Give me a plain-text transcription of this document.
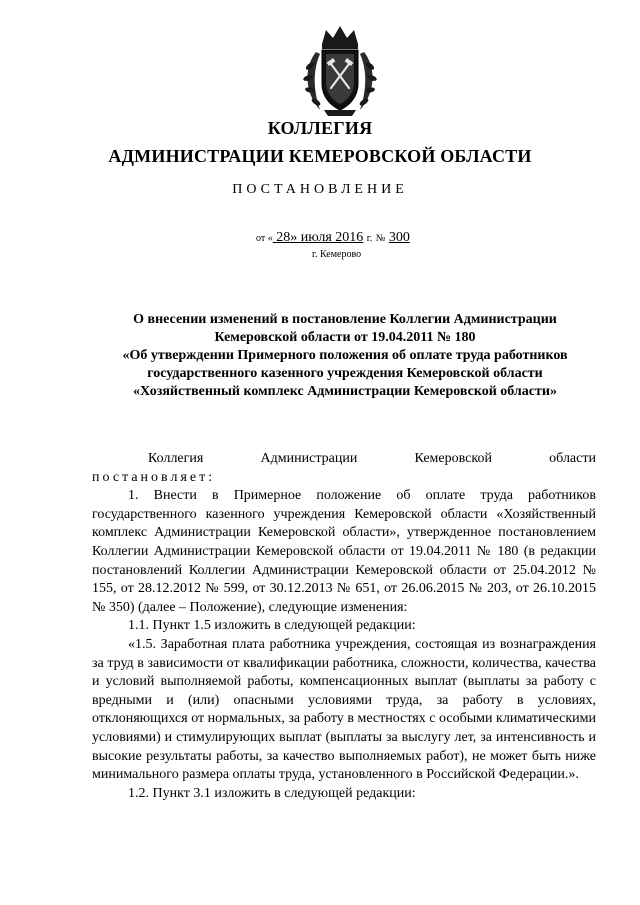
КОЛЛЕГИЯ
АДМИНИСТРАЦИИ КЕМЕРОВСКОЙ ОБЛАСТИ
ПОСТАНОВЛЕНИЕ
от « 28» июля 2016 г. № 300
г. Кемерово
О внесении изменений в постановление Коллегии Администрации
Кемеровской области от 19.04.2011 № 180
«Об утверждении Примерного положения об оплате труда работников
государственного казенного учреждения Кемеровской области
«Хозяйственный комплекс Администрации Кемеровской области»
Коллегия	Администрации	Кемеровской	области

постановляет:

1. Внести в Примерное положение об оплате труда работников государственного казенного учреждения Кемеровской области «Хозяйственный комплекс Администрации Кемеровской области», утвержденное постановлением Коллегии Администрации Кемеровской области от 19.04.2011 № 180 (в редакции постановлений Коллегии Администрации Кемеровской области от 25.04.2012 № 155, от 28.12.2012 № 599, от 30.12.2013 № 651, от 26.06.2015 № 203, от 26.10.2015 № 350) (далее – Положение), следующие изменения:

1.1. Пункт 1.5 изложить в следующей редакции:

«1.5. Заработная плата работника учреждения, состоящая из вознаграждения за труд в зависимости от квалификации работника, сложности, количества, качества и условий выполняемой работы, компенсационных выплат (выплаты за работу с вредными и (или) опасными условиями труда, за работу в условиях, отклоняющихся от нормальных, за работу в местностях с особыми климатическими условиями) и стимулирующих выплат (выплаты за выслугу лет, за интенсивность и высокие результаты работы, за качество выполняемых работ), не может быть ниже минимального размера оплаты труда, установленного в Российской Федерации.».

1.2. Пункт 3.1 изложить в следующей редакции:
